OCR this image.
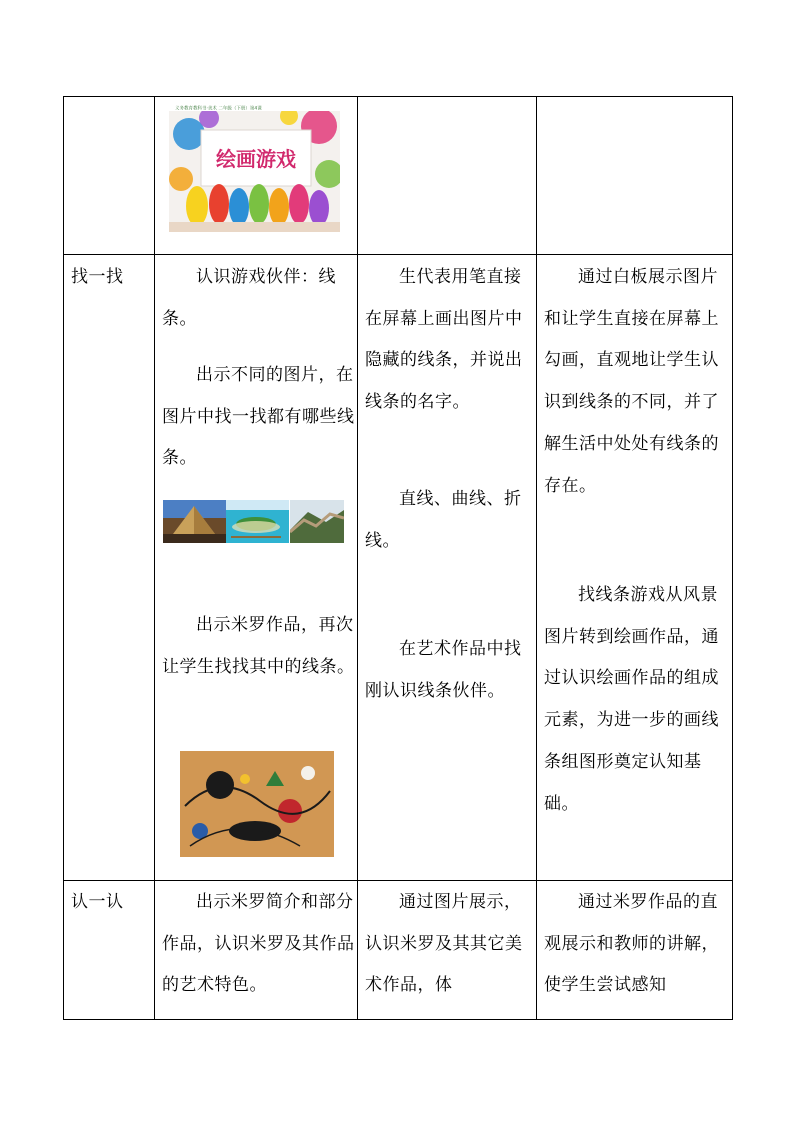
义务教育教科书·美术 二年级（下册）第4课
绘画游戏

找一找	认识游戏伙伴：线条。

出示不同的图片，在图片中找一找都有哪些线条。

出示米罗作品，再次让学生找找其中的线条。

生代表用笔直接在屏幕上画出图片中隐藏的线条，并说出线条的名字。

直线、曲线、折线。

在艺术作品中找刚认识线条伙伴。

通过白板展示图片和让学生直接在屏幕上勾画，直观地让学生认识到线条的不同，并了解生活中处处有线条的存在。

找线条游戏从风景图片转到绘画作品，通过认识绘画作品的组成元素，为进一步的画线条组图形奠定认知基础。

认一认	出示米罗简介和部分作品，认识米罗及其作品的艺术特色。

通过图片展示，认识米罗及其其它美术作品，体

通过米罗作品的直观展示和教师的讲解，使学生尝试感知
